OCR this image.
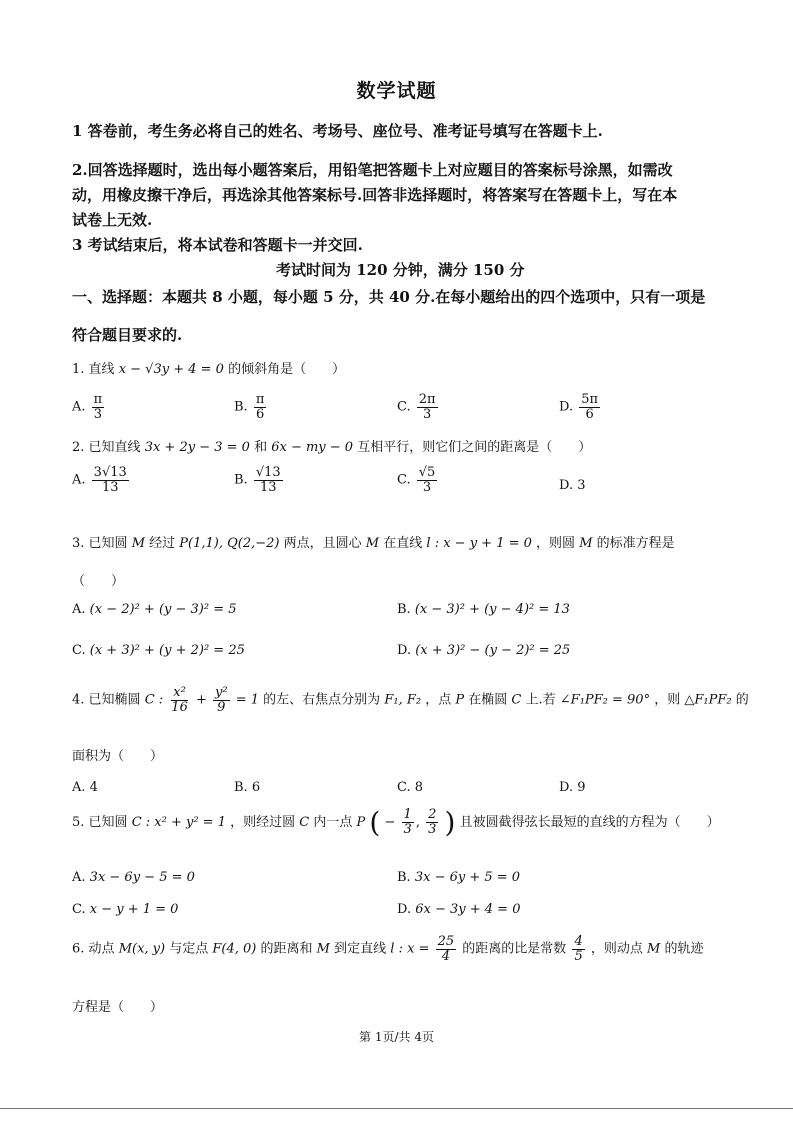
数学试题
1 答卷前，考生务必将自己的姓名、考场号、座位号、准考证号填写在答题卡上.
2.回答选择题时，选出每小题答案后，用铅笔把答题卡上对应题目的答案标号涂黑，如需改
动，用橡皮擦干净后，再选涂其他答案标号.回答非选择题时，将答案写在答题卡上，写在本
试卷上无效.
3 考试结束后，将本试卷和答题卡一并交回.
考试时间为 120 分钟，满分 150 分
一、选择题：本题共 8 小题，每小题 5 分，共 40 分.在每小题给出的四个选项中，只有一项是
符合题目要求的.
1. 直线 x − √3y + 4 = 0 的倾斜角是（　　）
A. $\frac{\pi}{3}$	B. $\frac{\pi}{6}$	C. $\frac{2\pi}{3}$	D. $\frac{5\pi}{6}$
2. 已知直线 3x + 2y − 3 = 0 和 6x − my − 0 互相平行，则它们之间的距离是（　　）
A. $\frac{3√13}{13}$	B. $\frac{√13}{13}$	C. $\frac{√5}{3}$	D. 3
3. 已知圆 M 经过 P(1,1), Q(2,−2) 两点，且圆心 M 在直线 l : x − y + 1 = 0 ，则圆 M 的标准方程是
（　　）
A. (x − 2)² + (y − 3)² = 5	B. (x − 3)² + (y − 4)² = 13
C. (x + 3)² + (y + 2)² = 25	D. (x + 3)² − (y − 2)² = 25
4. 已知椭圆 C : $\frac{\text{x²}}{16} + \frac{\text{y²}}{9} = 1$ 的左、右焦点分别为 F₁, F₂ ，点 P 在椭圆 C 上.若 ∠F₁PF₂ = 90° ，则 △F₁PF₂ 的
面积为（　　）
A. 4	B. 6	C. 8	D. 9
5. 已知圆 C : x² + y² = 1 ，则经过圆 C 内一点 P ( − $\frac{1}{3}$ , $\frac{2}{3}$ ) 且被圆截得弦长最短的直线的方程为（　　）
A. 3x − 6y − 5 = 0	B. 3x − 6y + 5 = 0
C. x − y + 1 = 0	D. 6x − 3y + 4 = 0
6. 动点 M(x, y) 与定点 F(4, 0) 的距离和 M 到定直线 l : $x = \frac{25}{4}$ 的距离的比是常数 $\frac{4}{5}$ ，则动点 M 的轨迹
方程是（　　）
第 1页/共 4页
